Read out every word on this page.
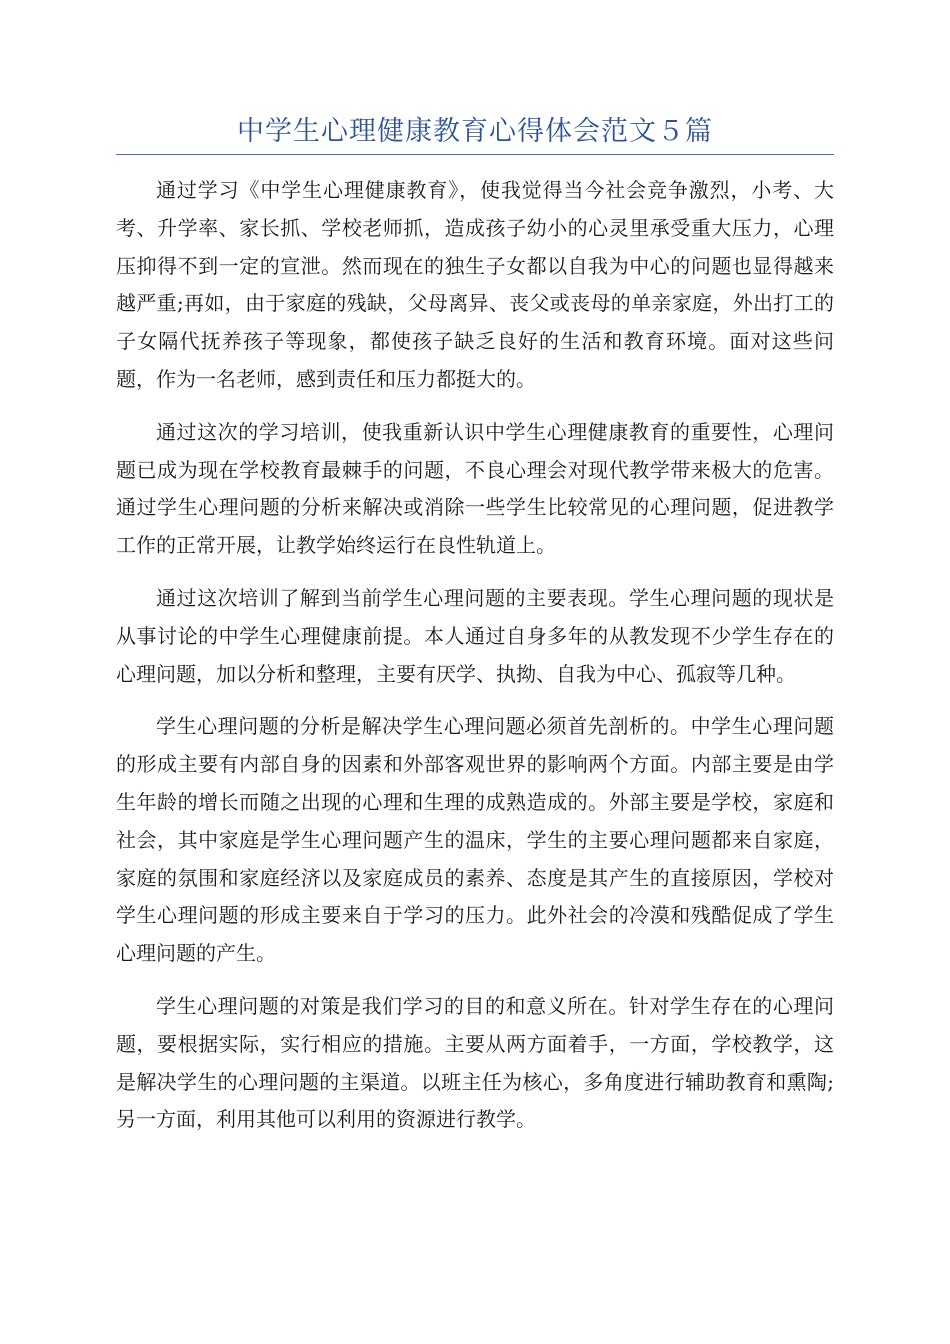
中学生心理健康教育心得体会范文５篇

通过学习《中学生心理健康教育》，使我觉得当今社会竞争激烈，小考、大考、升学率、家长抓、学校老师抓，造成孩子幼小的心灵里承受重大压力，心理压抑得不到一定的宣泄。然而现在的独生子女都以自我为中心的问题也显得越来越严重;再如，由于家庭的残缺，父母离异、丧父或丧母的单亲家庭，外出打工的子女隔代抚养孩子等现象，都使孩子缺乏良好的生活和教育环境。面对这些问题，作为一名老师，感到责任和压力都挺大的。

通过这次的学习培训，使我重新认识中学生心理健康教育的重要性，心理问题已成为现在学校教育最棘手的问题，不良心理会对现代教学带来极大的危害。通过学生心理问题的分析来解决或消除一些学生比较常见的心理问题，促进教学工作的正常开展，让教学始终运行在良性轨道上。

通过这次培训了解到当前学生心理问题的主要表现。学生心理问题的现状是从事讨论的中学生心理健康前提。本人通过自身多年的从教发现不少学生存在的心理问题，加以分析和整理，主要有厌学、执拗、自我为中心、孤寂等几种。

学生心理问题的分析是解决学生心理问题必须首先剖析的。中学生心理问题的形成主要有内部自身的因素和外部客观世界的影响两个方面。内部主要是由学生年龄的增长而随之出现的心理和生理的成熟造成的。外部主要是学校，家庭和社会，其中家庭是学生心理问题产生的温床，学生的主要心理问题都来自家庭，家庭的氛围和家庭经济以及家庭成员的素养、态度是其产生的直接原因，学校对学生心理问题的形成主要来自于学习的压力。此外社会的冷漠和残酷促成了学生心理问题的产生。

学生心理问题的对策是我们学习的目的和意义所在。针对学生存在的心理问题，要根据实际，实行相应的措施。主要从两方面着手，一方面，学校教学，这是解决学生的心理问题的主渠道。以班主任为核心，多角度进行辅助教育和熏陶;另一方面，利用其他可以利用的资源进行教学。
